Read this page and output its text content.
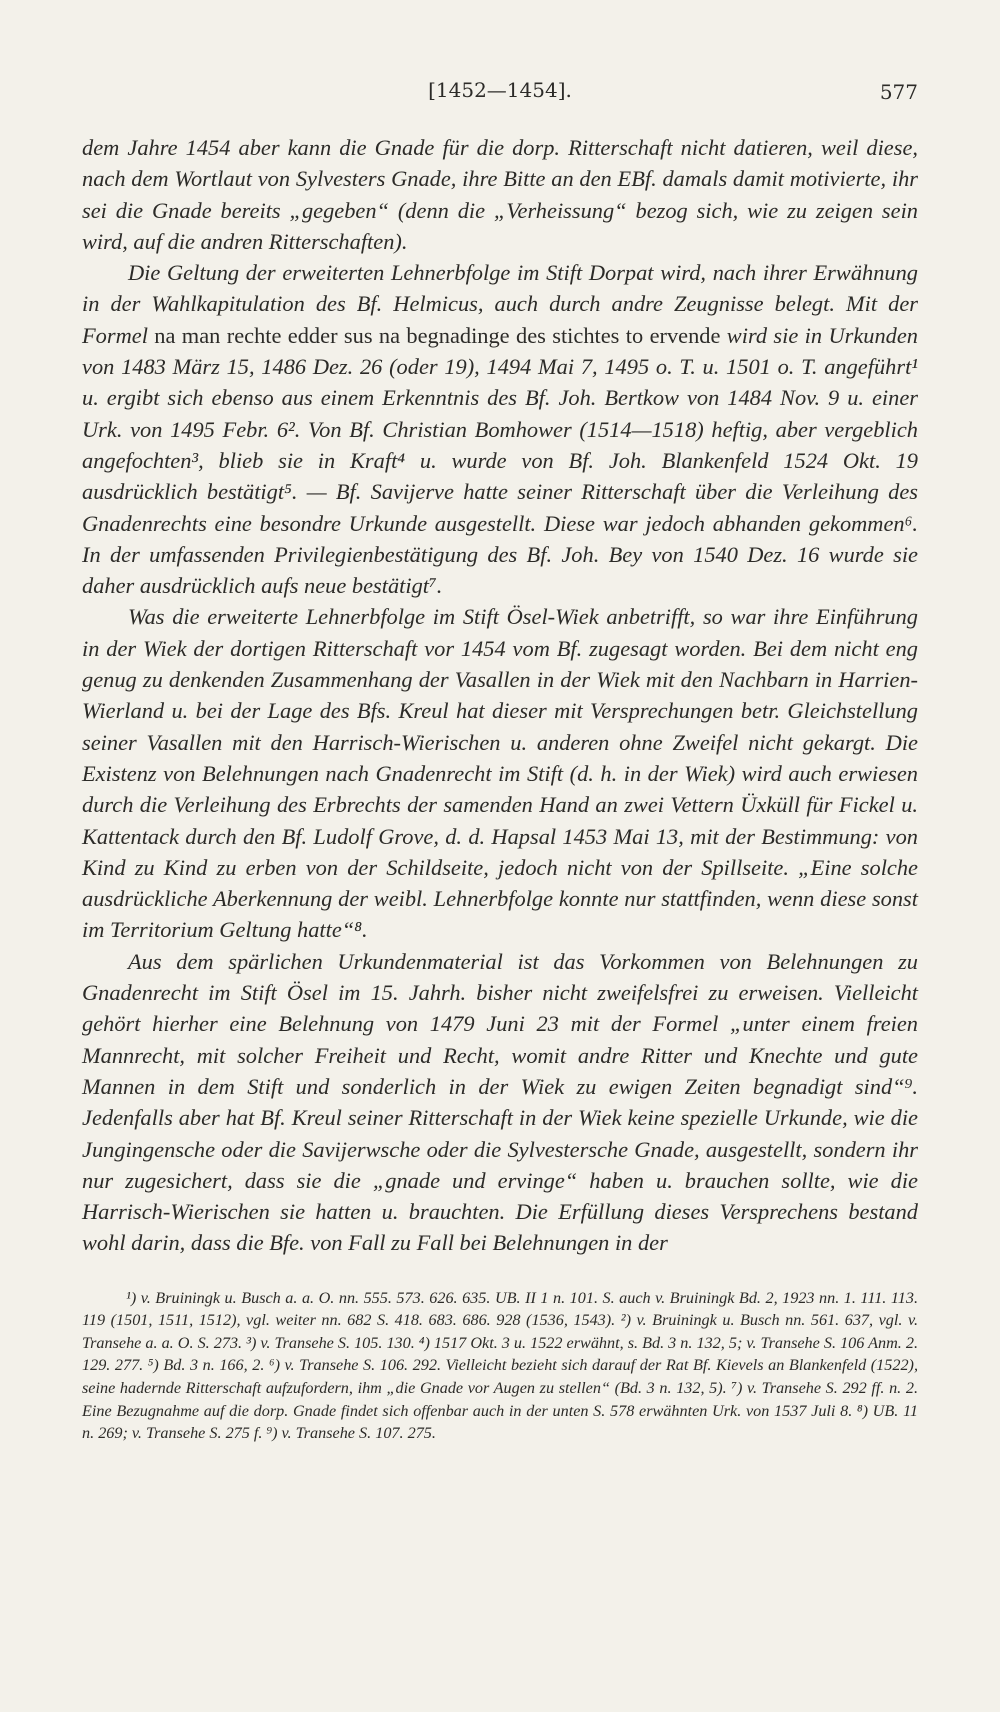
[1452—1454].	577

dem Jahre 1454 aber kann die Gnade für die dorp. Ritterschaft nicht datieren, weil diese, nach dem Wortlaut von Sylvesters Gnade, ihre Bitte an den EBf. damals damit motivierte, ihr sei die Gnade bereits „gegeben“ (denn die „Verheissung“ bezog sich, wie zu zeigen sein wird, auf die andren Ritterschaften).

Die Geltung der erweiterten Lehnerbfolge im Stift Dorpat wird, nach ihrer Erwähnung in der Wahlkapitulation des Bf. Helmicus, auch durch andre Zeugnisse belegt. Mit der Formel na man rechte edder sus na begnadinge des stichtes to ervende wird sie in Urkunden von 1483 März 15, 1486 Dez. 26 (oder 19), 1494 Mai 7, 1495 o. T. u. 1501 o. T. angeführt¹ u. ergibt sich ebenso aus einem Erkenntnis des Bf. Joh. Bertkow von 1484 Nov. 9 u. einer Urk. von 1495 Febr. 6². Von Bf. Christian Bomhower (1514—1518) heftig, aber vergeblich angefochten³, blieb sie in Kraft⁴ u. wurde von Bf. Joh. Blankenfeld 1524 Okt. 19 ausdrücklich bestätigt⁵. — Bf. Savijerve hatte seiner Ritterschaft über die Verleihung des Gnadenrechts eine besondre Urkunde ausgestellt. Diese war jedoch abhanden gekommen⁶. In der umfassenden Privilegienbestätigung des Bf. Joh. Bey von 1540 Dez. 16 wurde sie daher ausdrücklich aufs neue bestätigt⁷.

Was die erweiterte Lehnerbfolge im Stift Ösel-Wiek anbetrifft, so war ihre Einführung in der Wiek der dortigen Ritterschaft vor 1454 vom Bf. zugesagt worden. Bei dem nicht eng genug zu denkenden Zusammenhang der Vasallen in der Wiek mit den Nachbarn in Harrien-Wierland u. bei der Lage des Bfs. Kreul hat dieser mit Versprechungen betr. Gleichstellung seiner Vasallen mit den Harrisch-Wierischen u. anderen ohne Zweifel nicht gekargt. Die Existenz von Belehnungen nach Gnadenrecht im Stift (d. h. in der Wiek) wird auch erwiesen durch die Verleihung des Erbrechts der samenden Hand an zwei Vettern Üxküll für Fickel u. Kattentack durch den Bf. Ludolf Grove, d. d. Hapsal 1453 Mai 13, mit der Bestimmung: von Kind zu Kind zu erben von der Schildseite, jedoch nicht von der Spillseite. „Eine solche ausdrückliche Aberkennung der weibl. Lehnerbfolge konnte nur stattfinden, wenn diese sonst im Territorium Geltung hatte“⁸.

Aus dem spärlichen Urkundenmaterial ist das Vorkommen von Belehnungen zu Gnadenrecht im Stift Ösel im 15. Jahrh. bisher nicht zweifelsfrei zu erweisen. Vielleicht gehört hierher eine Belehnung von 1479 Juni 23 mit der Formel „unter einem freien Mannrecht, mit solcher Freiheit und Recht, womit andre Ritter und Knechte und gute Mannen in dem Stift und sonderlich in der Wiek zu ewigen Zeiten begnadigt sind“⁹. Jedenfalls aber hat Bf. Kreul seiner Ritterschaft in der Wiek keine spezielle Urkunde, wie die Jungingensche oder die Savijerwsche oder die Sylvestersche Gnade, ausgestellt, sondern ihr nur zugesichert, dass sie die „gnade und ervinge“ haben u. brauchen sollte, wie die Harrisch-Wierischen sie hatten u. brauchten. Die Erfüllung dieses Versprechens bestand wohl darin, dass die Bfe. von Fall zu Fall bei Belehnungen in der

¹) v. Bruiningk u. Busch a. a. O. nn. 555. 573. 626. 635. UB. II 1 n. 101. S. auch v. Bruiningk Bd. 2, 1923 nn. 1. 111. 113. 119 (1501, 1511, 1512), vgl. weiter nn. 682 S. 418. 683. 686. 928 (1536, 1543). ²) v. Bruiningk u. Busch nn. 561. 637, vgl. v. Transehe a. a. O. S. 273. ³) v. Transehe S. 105. 130. ⁴) 1517 Okt. 3 u. 1522 erwähnt, s. Bd. 3 n. 132, 5; v. Transehe S. 106 Anm. 2. 129. 277. ⁵) Bd. 3 n. 166, 2. ⁶) v. Transehe S. 106. 292. Vielleicht bezieht sich darauf der Rat Bf. Kievels an Blankenfeld (1522), seine hadernde Ritterschaft aufzufordern, ihm „die Gnade vor Augen zu stellen“ (Bd. 3 n. 132, 5). ⁷) v. Transehe S. 292 ff. n. 2. Eine Bezugnahme auf die dorp. Gnade findet sich offenbar auch in der unten S. 578 erwähnten Urk. von 1537 Juli 8. ⁸) UB. 11 n. 269; v. Transehe S. 275 f. ⁹) v. Transehe S. 107. 275.
